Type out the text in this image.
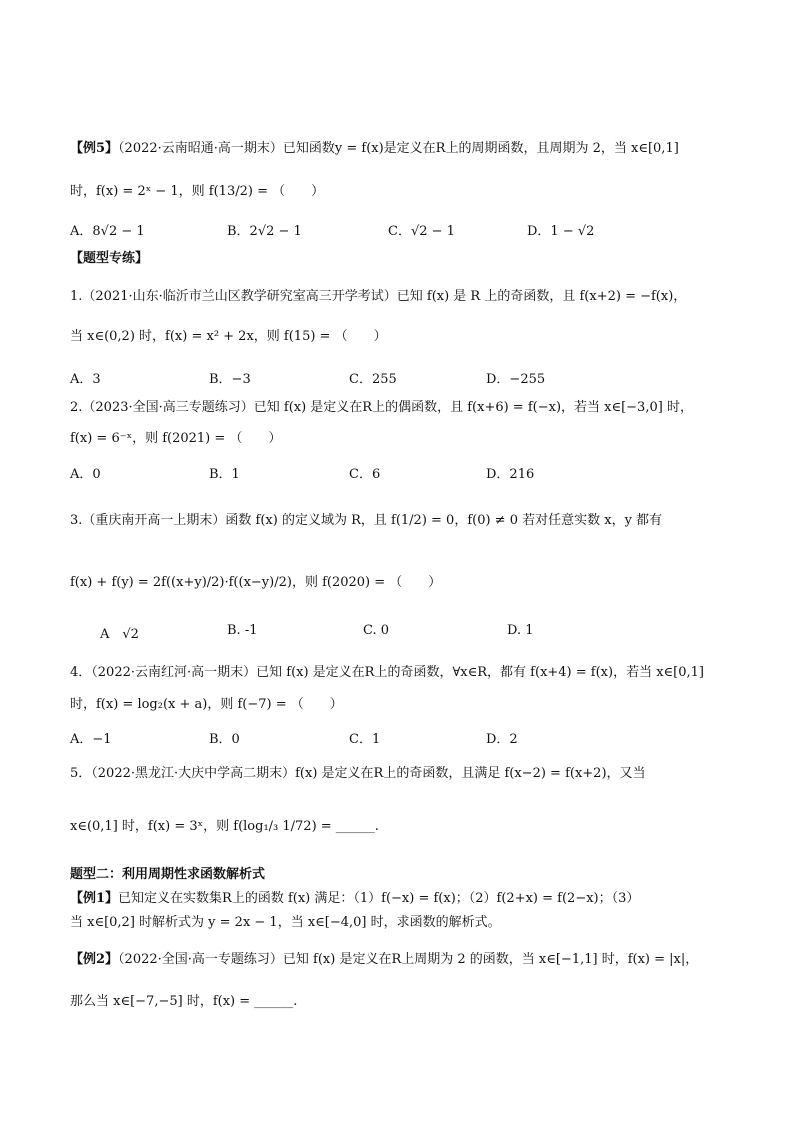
【例5】（2022·云南昭通·高一期末）已知函数y = f(x)是定义在R上的周期函数，且周期为 2，当 x∈[0,1]
时，f(x) = 2ˣ − 1，则 f(13/2) = （　　）
A．8√2 − 1	B．2√2 − 1	C．√2 − 1	D．1 − √2
【题型专练】
1.（2021·山东·临沂市兰山区教学研究室高三开学考试）已知 f(x) 是 R 上的奇函数，且 f(x+2) = −f(x)，
当 x∈(0,2) 时，f(x) = x² + 2x，则 f(15) = （　　）
A．3	B．−3	C．255	D．−255
2.（2023·全国·高三专题练习）已知 f(x) 是定义在R上的偶函数，且 f(x+6) = f(−x)，若当 x∈[−3,0] 时，
f(x) = 6⁻ˣ，则 f(2021) = （　　）
A．0	B．1	C．6	D．216
3.（重庆南开高一上期末）函数 f(x) 的定义域为 R，且 f(1/2) = 0，f(0) ≠ 0 若对任意实数 x，y 都有
f(x) + f(y) = 2f((x+y)/2)·f((x−y)/2)，则 f(2020) = （　　）
A　√2	B. -1	C. 0	D. 1
4．（2022·云南红河·高一期末）已知 f(x) 是定义在R上的奇函数，∀x∈R，都有 f(x+4) = f(x)，若当 x∈[0,1]
时，f(x) = log₂(x + a)，则 f(−7) = （　　）
A．−1	B．0	C．1	D．2
5．（2022·黑龙江·大庆中学高二期末）f(x) 是定义在R上的奇函数，且满足 f(x−2) = f(x+2)，又当
x∈(0,1] 时，f(x) = 3ˣ，则 f(log₁/₃ 1/72) = ______.
题型二：利用周期性求函数解析式
【例1】已知定义在实数集R上的函数 f(x) 满足：（1）f(−x) = f(x)；（2）f(2+x) = f(2−x)；（3）
当 x∈[0,2] 时解析式为 y = 2x − 1，当 x∈[−4,0] 时，求函数的解析式。
【例2】（2022·全国·高一专题练习）已知 f(x) 是定义在R上周期为 2 的函数，当 x∈[−1,1] 时，f(x) = |x|，
那么当 x∈[−7,−5] 时，f(x) = ______.
